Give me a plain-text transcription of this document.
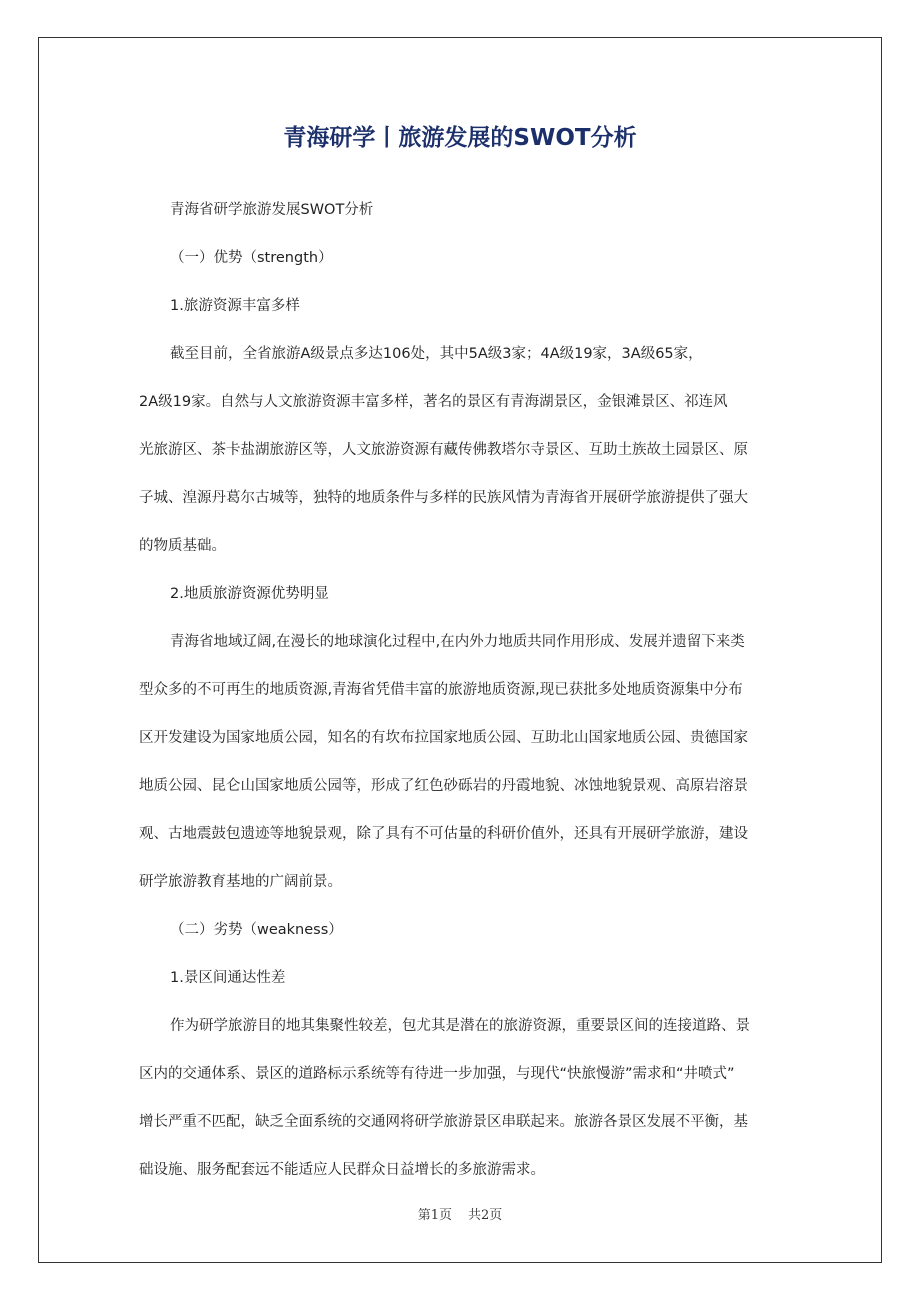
青海研学丨旅游发展的SWOT分析
青海省研学旅游发展SWOT分析
（一）优势（strength）
1.旅游资源丰富多样
截至目前，全省旅游A级景点多达106处，其中5A级3家；4A级19家，3A级65家，
2A级19家。自然与人文旅游资源丰富多样，著名的景区有青海湖景区，金银滩景区、祁连风
光旅游区、茶卡盐湖旅游区等，人文旅游资源有藏传佛教塔尔寺景区、互助土族故土园景区、原
子城、湟源丹葛尔古城等，独特的地质条件与多样的民族风情为青海省开展研学旅游提供了强大
的物质基础。
2.地质旅游资源优势明显
青海省地域辽阔,在漫长的地球演化过程中,在内外力地质共同作用形成、发展并遗留下来类
型众多的不可再生的地质资源,青海省凭借丰富的旅游地质资源,现已获批多处地质资源集中分布
区开发建设为国家地质公园，知名的有坎布拉国家地质公园、互助北山国家地质公园、贵德国家
地质公园、昆仑山国家地质公园等，形成了红色砂砾岩的丹霞地貌、冰蚀地貌景观、高原岩溶景
观、古地震鼓包遗迹等地貌景观，除了具有不可估量的科研价值外，还具有开展研学旅游，建设
研学旅游教育基地的广阔前景。
（二）劣势（weakness）
1.景区间通达性差
作为研学旅游目的地其集聚性较差，包尤其是潜在的旅游资源，重要景区间的连接道路、景
区内的交通体系、景区的道路标示系统等有待进一步加强，与现代“快旅慢游”需求和“井喷式”
增长严重不匹配，缺乏全面系统的交通网将研学旅游景区串联起来。旅游各景区发展不平衡，基
础设施、服务配套远不能适应人民群众日益增长的多旅游需求。
第1页 共2页
